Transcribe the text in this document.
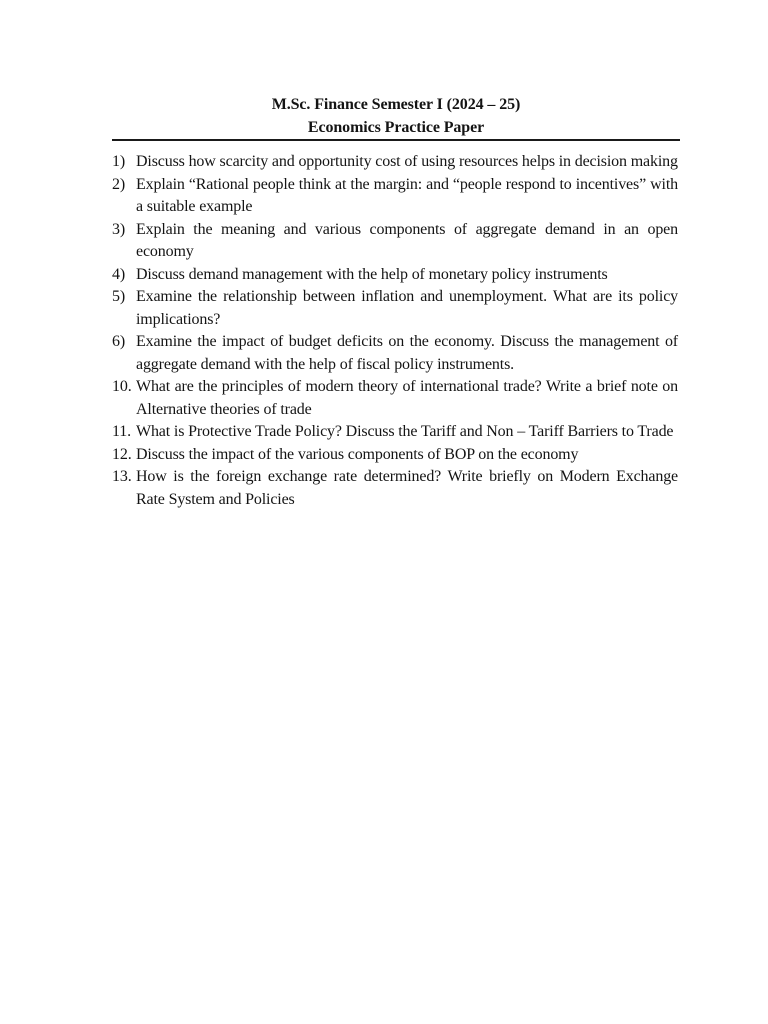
M.Sc. Finance Semester I (2024 – 25)
Economics Practice Paper
1) Discuss how scarcity and opportunity cost of using resources helps in decision making
2) Explain “Rational people think at the margin: and “people respond to incentives” with a suitable example
3) Explain the meaning and various components of aggregate demand in an open economy
4) Discuss demand management with the help of monetary policy instruments
5) Examine the relationship between inflation and unemployment. What are its policy implications?
6) Examine the impact of budget deficits on the economy. Discuss the management of aggregate demand with the help of fiscal policy instruments.
10. What are the principles of modern theory of international trade? Write a brief note on Alternative theories of trade
11. What is Protective Trade Policy? Discuss the Tariff and Non – Tariff Barriers to Trade
12. Discuss the impact of the various components of BOP on the economy
13. How is the foreign exchange rate determined? Write briefly on Modern Exchange Rate System and Policies
